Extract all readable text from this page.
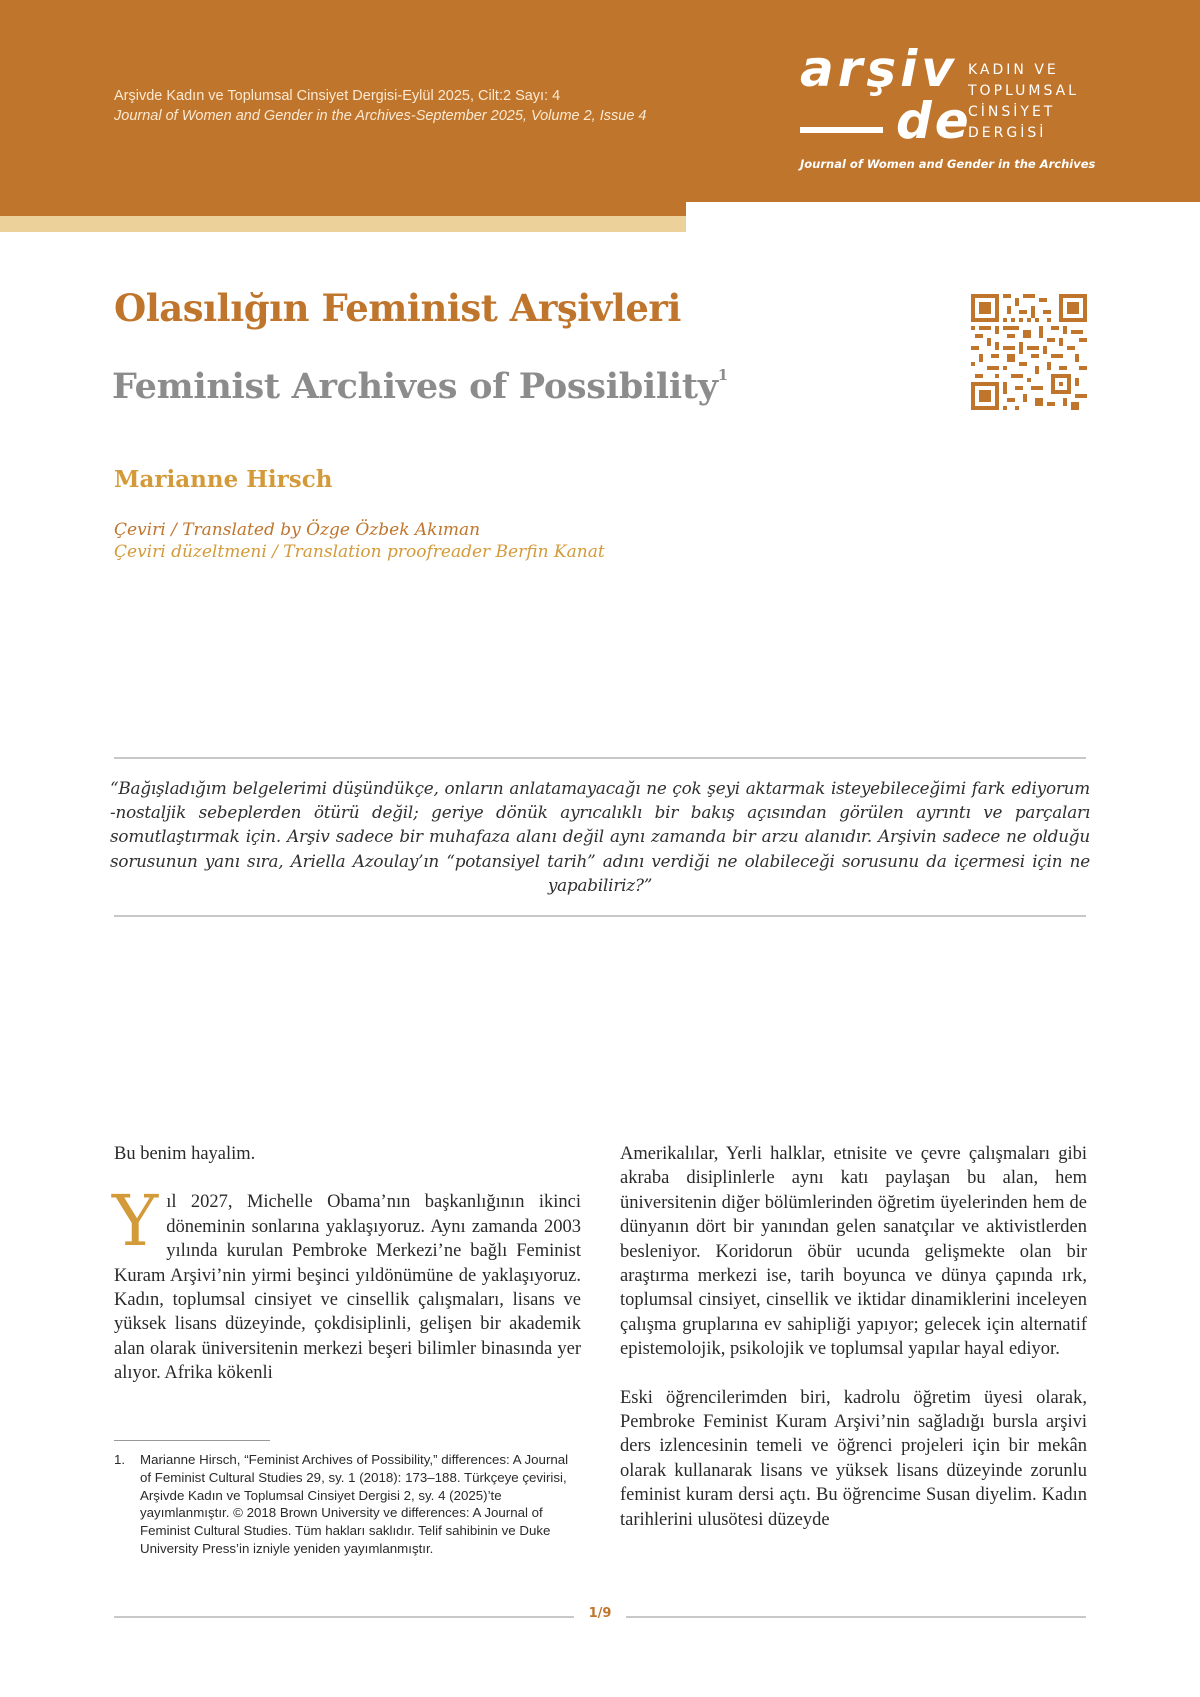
Arşivde Kadın ve Toplumsal Cinsiyet Dergisi-Eylül 2025, Cilt:2 Sayı: 4
Journal of Women and Gender in the Archives-September 2025, Volume 2, Issue 4
arşiv
de
KADIN VE
TOPLUMSAL
CİNSİYET
DERGİSİ
Journal of Women and Gender in the Archives
Olasılığın Feminist Arşivleri
Feminist Archives of Possibility$^1$
Marianne Hirsch
Çeviri / Translated by Özge Özbek Akıman
Çeviri düzeltmeni / Translation proofreader Berfin Kanat

“Bağışladığım belgelerimi düşündükçe, onların anlatamayacağı ne çok şeyi aktarmak isteyebileceğimi fark ediyorum -nostaljik sebeplerden ötürü değil; geriye dönük ayrıcalıklı bir bakış açısından görülen ayrıntı ve parçaları somutlaştırmak için. Arşiv sadece bir muhafaza alanı değil aynı zamanda bir arzu alanıdır. Arşivin sadece ne olduğu sorusunun yanı sıra, Ariella Azoulay’ın “potansiyel tarih” adını verdiği ne olabileceği sorusunu da içermesi için ne yapabiliriz?”

Bu benim hayalim.

Yıl 2027, Michelle Obama’nın başkanlığının ikinci döneminin sonlarına yaklaşıyoruz. Aynı zamanda 2003 yılında kurulan Pembroke Merkezi’ne bağlı Feminist Kuram Arşivi’nin yirmi beşinci yıldönümüne de yaklaşıyoruz. Kadın, toplumsal cinsiyet ve cinsellik çalışmaları, lisans ve yüksek lisans düzeyinde, çokdisiplinli, gelişen bir akademik alan olarak üniversitenin merkezi beşeri bilimler binasında yer alıyor. Afrika kökenli

Amerikalılar, Yerli halklar, etnisite ve çevre çalışmaları gibi akraba disiplinlerle aynı katı paylaşan bu alan, hem üniversitenin diğer bölümlerinden öğretim üyelerinden hem de dünyanın dört bir yanından gelen sanatçılar ve aktivistlerden besleniyor. Koridorun öbür ucunda gelişmekte olan bir araştırma merkezi ise, tarih boyunca ve dünya çapında ırk, toplumsal cinsiyet, cinsellik ve iktidar dinamiklerini inceleyen çalışma gruplarına ev sahipliği yapıyor; gelecek için alternatif epistemolojik, psikolojik ve toplumsal yapılar hayal ediyor.

Eski öğrencilerimden biri, kadrolu öğretim üyesi olarak, Pembroke Feminist Kuram Arşivi’nin sağladığı bursla arşivi ders izlencesinin temeli ve öğrenci projeleri için bir mekân olarak kullanarak lisans ve yüksek lisans düzeyinde zorunlu feminist kuram dersi açtı. Bu öğrencime Susan diyelim. Kadın tarihlerini ulusötesi düzeyde

1. Marianne Hirsch, “Feminist Archives of Possibility,” differences: A Journal of Feminist Cultural Studies 29, sy. 1 (2018): 173–188. Türkçeye çevirisi, Arşivde Kadın ve Toplumsal Cinsiyet Dergisi 2, sy. 4 (2025)’te yayımlanmıştır. © 2018 Brown University ve differences: A Journal of Feminist Cultural Studies. Tüm hakları saklıdır. Telif sahibinin ve Duke University Press’in izniyle yeniden yayımlanmıştır.

1/9
